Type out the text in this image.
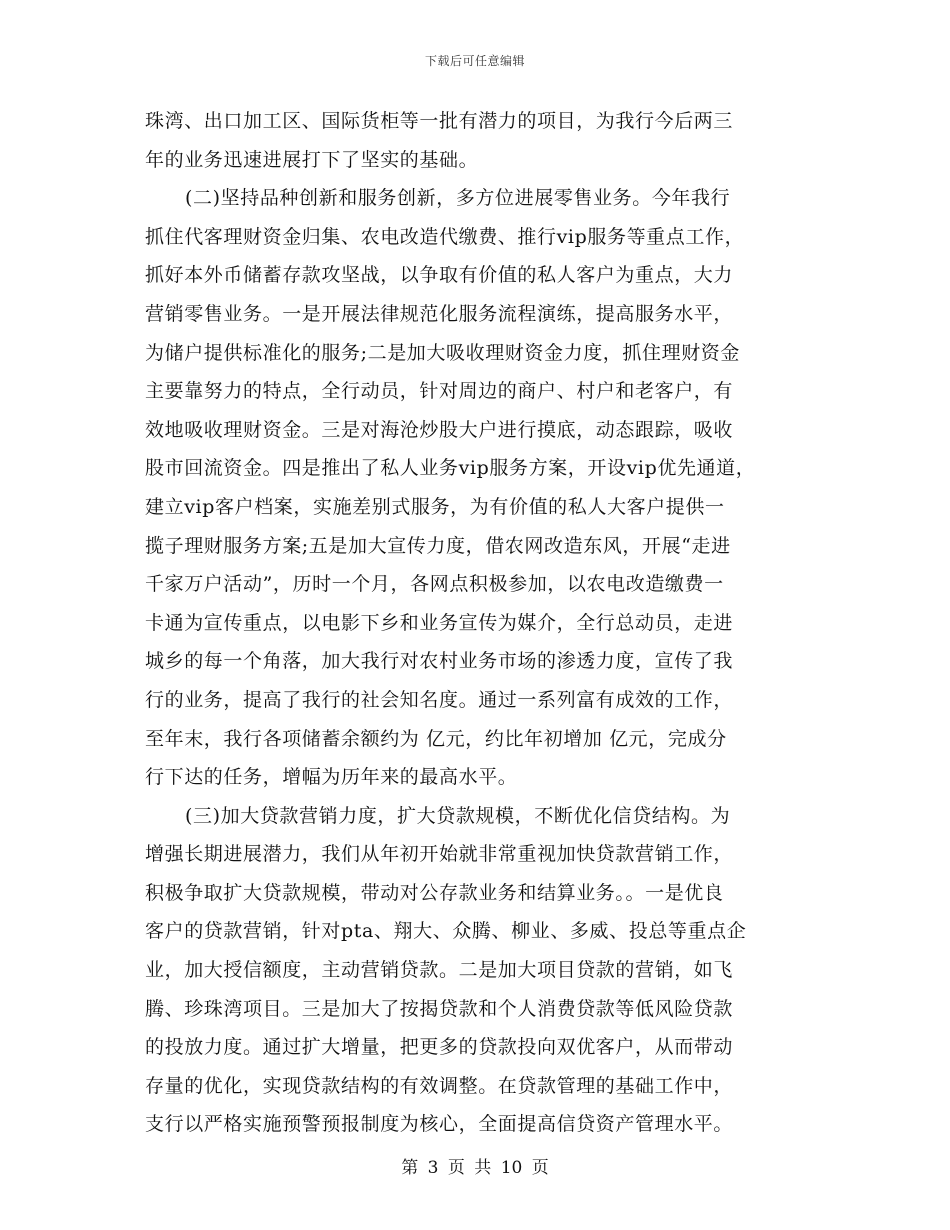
下载后可任意编辑
珠湾、出口加工区、国际货柜等一批有潜力的项目，为我行今后两三
年的业务迅速进展打下了坚实的基础。
(二)坚持品种创新和服务创新，多方位进展零售业务。今年我行
抓住代客理财资金归集、农电改造代缴费、推行vip服务等重点工作，
抓好本外币储蓄存款攻坚战，以争取有价值的私人客户为重点，大力
营销零售业务。一是开展法律规范化服务流程演练，提高服务水平，
为储户提供标准化的服务;二是加大吸收理财资金力度，抓住理财资金
主要靠努力的特点，全行动员，针对周边的商户、村户和老客户，有
效地吸收理财资金。三是对海沧炒股大户进行摸底，动态跟踪，吸收
股市回流资金。四是推出了私人业务vip服务方案，开设vip优先通道，
建立vip客户档案，实施差别式服务，为有价值的私人大客户提供一
揽子理财服务方案;五是加大宣传力度，借农网改造东风，开展“走进
千家万户活动”，历时一个月，各网点积极参加，以农电改造缴费一
卡通为宣传重点，以电影下乡和业务宣传为媒介，全行总动员，走进
城乡的每一个角落，加大我行对农村业务市场的渗透力度，宣传了我
行的业务，提高了我行的社会知名度。通过一系列富有成效的工作，
至年末，我行各项储蓄余额约为 亿元，约比年初增加 亿元，完成分
行下达的任务，增幅为历年来的最高水平。
(三)加大贷款营销力度，扩大贷款规模，不断优化信贷结构。为
增强长期进展潜力，我们从年初开始就非常重视加快贷款营销工作，
积极争取扩大贷款规模，带动对公存款业务和结算业务。。一是优良
客户的贷款营销，针对pta、翔大、众腾、柳业、多威、投总等重点企
业，加大授信额度，主动营销贷款。二是加大项目贷款的营销，如飞
腾、珍珠湾项目。三是加大了按揭贷款和个人消费贷款等低风险贷款
的投放力度。通过扩大增量，把更多的贷款投向双优客户，从而带动
存量的优化，实现贷款结构的有效调整。在贷款管理的基础工作中，
支行以严格实施预警预报制度为核心，全面提高信贷资产管理水平。
第 3 页 共 10 页
